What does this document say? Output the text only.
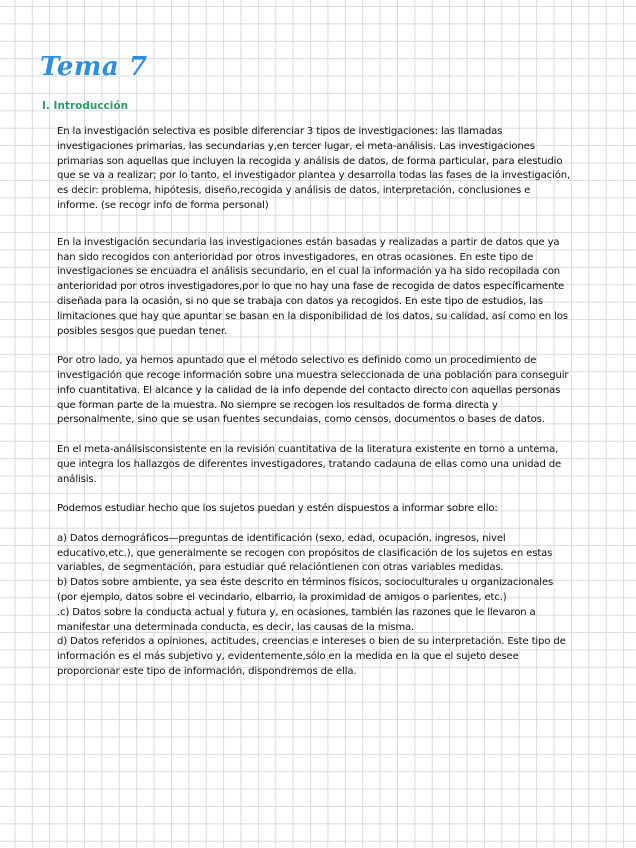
Tema 7
I. Introducción

En la investigación selectiva es posible diferenciar 3 tipos de investigaciones: las llamadas investigaciones primarias, las secundarias y,en tercer lugar, el meta-análisis. Las investigaciones primarias son aquellas que incluyen la recogida y análisis de datos, de forma particular, para elestudio que se va a realizar; por lo tanto, el investigador plantea y desarrolla todas las fases de la investigación, es decir: problema, hipótesis, diseño,recogida y análisis de datos, interpretación, conclusiones e informe. (se recogr info de forma personal)

En la investigación secundaria las investigaciones están basadas y realizadas a partir de datos que ya han sido recogidos con anterioridad por otros investigadores, en otras ocasiones. En este tipo de investigaciones se encuadra el análisis secundario, en el cual la información ya ha sido recopilada con anterioridad por otros investigadores,por lo que no hay una fase de recogida de datos específicamente diseñada para la ocasión, si no que se trabaja con datos ya recogidos. En este tipo de estudios, las limitaciones que hay que apuntar se basan en la disponibilidad de los datos, su calidad, así como en los posibles sesgos que puedan tener.

Por otro lado, ya hemos apuntado que el método selectivo es definido como un procedimiento de investigación que recoge información sobre una muestra seleccionada de una población para conseguir info cuantitativa. El alcance y la calidad de la info depende del contacto directo con aquellas personas que forman parte de la muestra. No siempre se recogen los resultados de forma directa y personalmente, sino que se usan fuentes secundaias, como censos, documentos o bases de datos.

En el meta-análisisconsistente en la revisión cuantitativa de la literatura existente en torno a untema, que integra los hallazgos de diferentes investigadores, tratando cadauna de ellas como una unidad de análisis.

Podemos estudiar hecho que los sujetos puedan y estén dispuestos a informar sobre ello:

a) Datos demográficos—preguntas de identificación (sexo, edad, ocupación, ingresos, nivel educativo,etc.), que generalmente se recogen con propósitos de clasificación de los sujetos en estas variables, de segmentación, para estudiar qué relacióntienen con otras variables medidas.
b) Datos sobre ambiente, ya sea éste descrito en términos físicos, socioculturales u organizacionales (por ejemplo, datos sobre el vecindario, elbarrio, la proximidad de amigos o parientes, etc.)
.c) Datos sobre la conducta actual y futura y, en ocasiones, también las razones que le llevaron a manifestar una determinada conducta, es decir, las causas de la misma.
d) Datos referidos a opiniones, actitudes, creencias e intereses o bien de su interpretación. Este tipo de información es el más subjetivo y, evidentemente,sólo en la medida en la que el sujeto desee proporcionar este tipo de información, dispondremos de ella.
